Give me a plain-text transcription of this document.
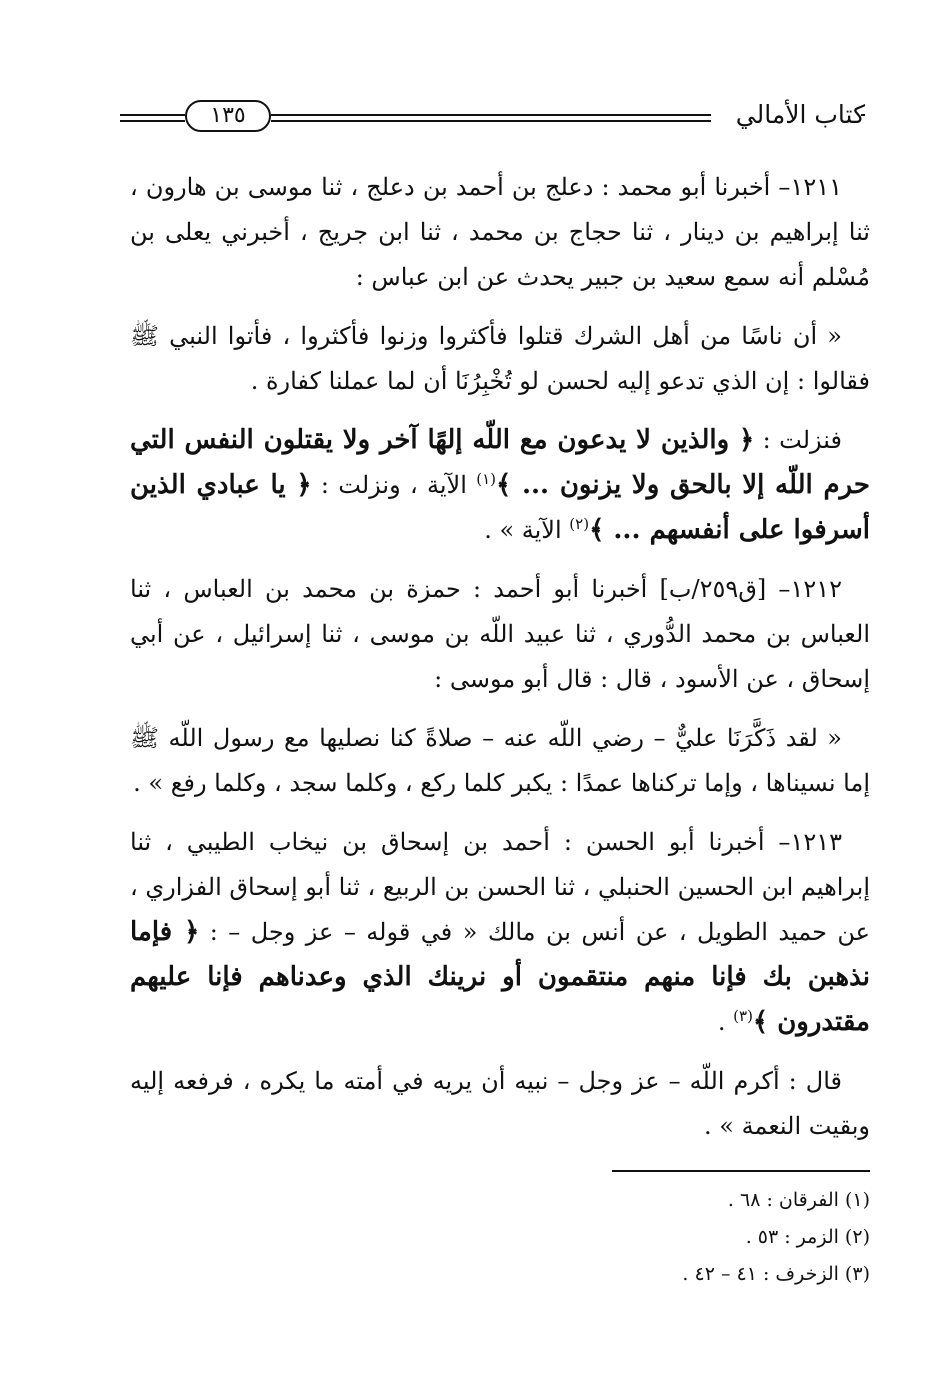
١٣٥	كتاب الأمالي

١٢١١– أخبرنا أبو محمد : دعلج بن أحمد بن دعلج ، ثنا موسى بن هارون ، ثنا إبراهيم بن دينار ، ثنا حجاج بن محمد ، ثنا ابن جريج ، أخبرني يعلى بن مُسْلم أنه سمع سعيد بن جبير يحدث عن ابن عباس :

« أن ناسًا من أهل الشرك قتلوا فأكثروا وزنوا فأكثروا ، فأتوا النبي ﷺ فقالوا : إن الذي تدعو إليه لحسن لو تُخْبِرُنَا أن لما عملنا كفارة .

فنزلت : ﴿ والذين لا يدعون مع اللّه إلهًا آخر ولا يقتلون النفس التي حرم اللّه إلا بالحق ولا يزنون ... ﴾$^{(١)}$ الآية ، ونزلت : ﴿ يا عبادي الذين أسرفوا على أنفسهم ... ﴾$^{(٢)}$ الآية » .

١٢١٢– [ق٢٥٩/ب] أخبرنا أبو أحمد : حمزة بن محمد بن العباس ، ثنا العباس بن محمد الدُّوري ، ثنا عبيد اللّه بن موسى ، ثنا إسرائيل ، عن أبي إسحاق ، عن الأسود ، قال : قال أبو موسى :

« لقد ذَكَّرَنَا عليٌّ – رضي اللّه عنه – صلاةً كنا نصليها مع رسول اللّه ﷺ إما نسيناها ، وإما تركناها عمدًا : يكبر كلما ركع ، وكلما سجد ، وكلما رفع » .

١٢١٣– أخبرنا أبو الحسن : أحمد بن إسحاق بن نيخاب الطيبي ، ثنا إبراهيم ابن الحسين الحنبلي ، ثنا الحسن بن الربيع ، ثنا أبو إسحاق الفزاري ، عن حميد الطويل ، عن أنس بن مالك « في قوله – عز وجل – : ﴿ فإما نذهبن بك فإنا منهم منتقمون أو نرينك الذي وعدناهم فإنا عليهم مقتدرون ﴾$^{(٣)}$ .

قال : أكرم اللّه – عز وجل – نبيه أن يريه في أمته ما يكره ، فرفعه إليه وبقيت النعمة » .

(١) الفرقان : ٦٨ .
(٢) الزمر : ٥٣ .
(٣) الزخرف : ٤١ – ٤٢ .
